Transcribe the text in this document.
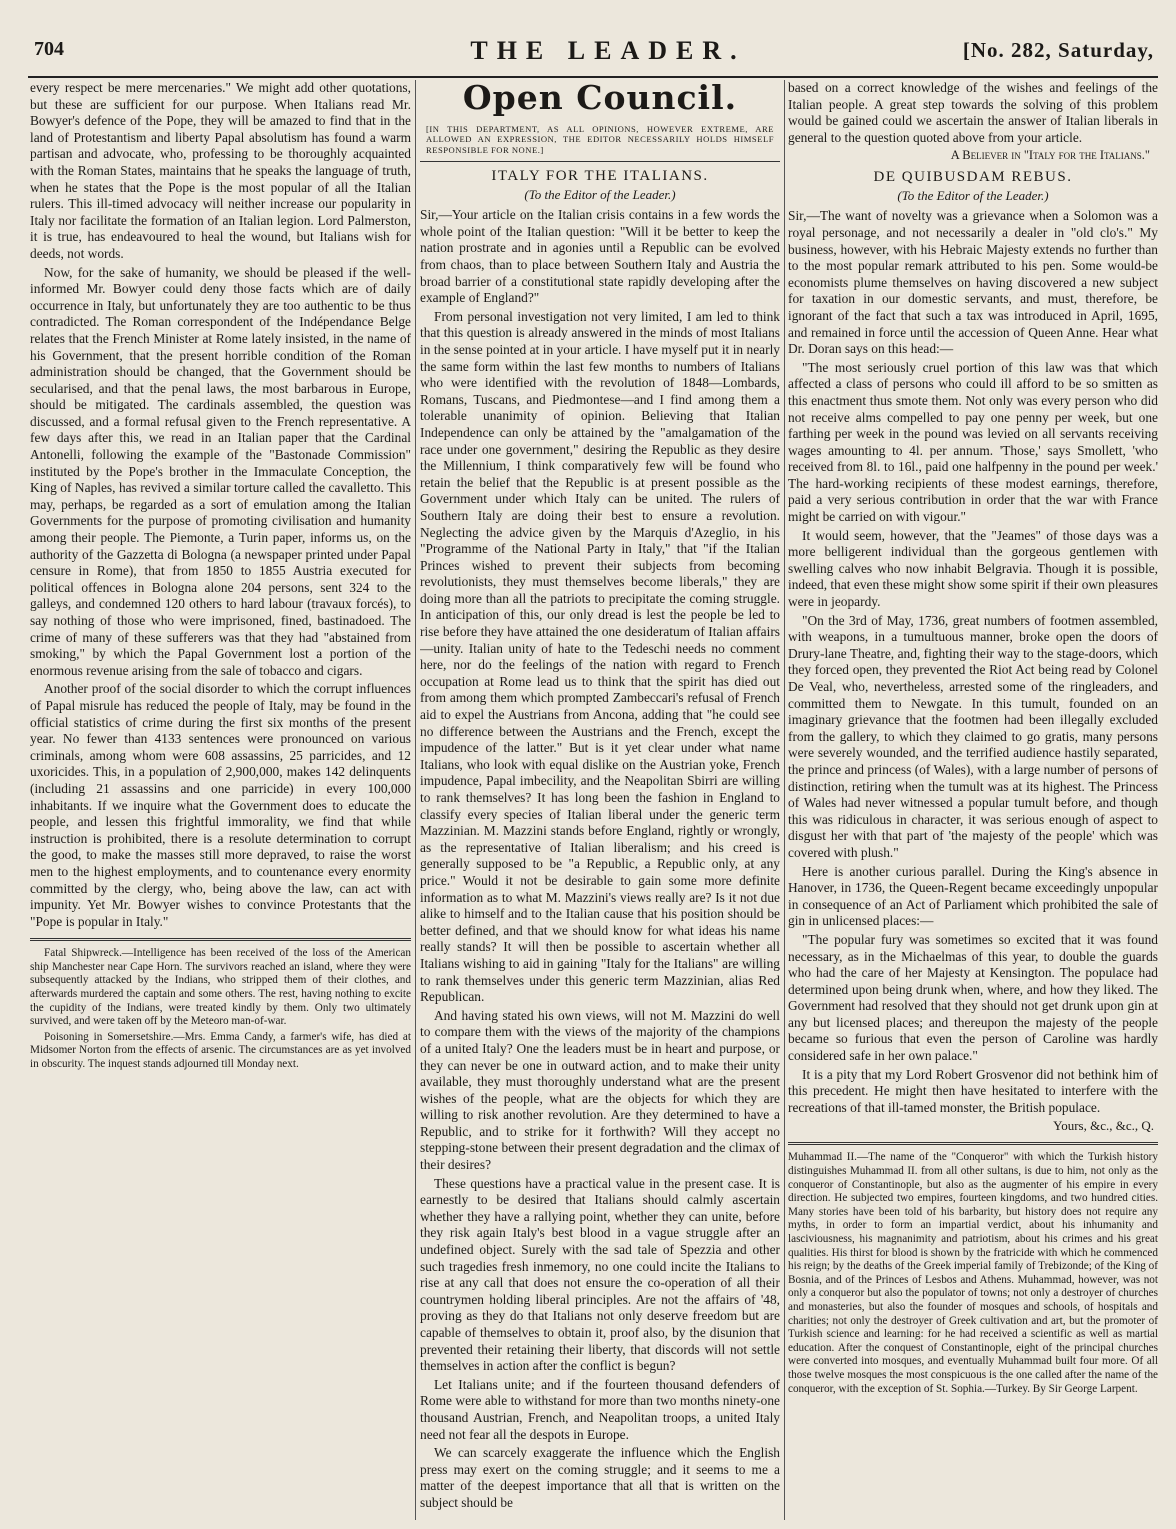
704	THE LEADER.	[No. 282, Saturday,

every respect be mere mercenaries." We might add other quotations, but these are sufficient for our purpose. When Italians read Mr. Bowyer's defence of the Pope, they will be amazed to find that in the land of Protestantism and liberty Papal absolutism has found a warm partisan and advocate, who, professing to be thoroughly acquainted with the Roman States, maintains that he speaks the language of truth, when he states that the Pope is the most popular of all the Italian rulers. This ill-timed advocacy will neither increase our popularity in Italy nor facilitate the formation of an Italian legion. Lord Palmerston, it is true, has endeavoured to heal the wound, but Italians wish for deeds, not words.

Now, for the sake of humanity, we should be pleased if the well-informed Mr. Bowyer could deny those facts which are of daily occurrence in Italy, but unfortunately they are too authentic to be thus contradicted. The Roman correspondent of the Indépendance Belge relates that the French Minister at Rome lately insisted, in the name of his Government, that the present horrible condition of the Roman administration should be changed, that the Government should be secularised, and that the penal laws, the most barbarous in Europe, should be mitigated. The cardinals assembled, the question was discussed, and a formal refusal given to the French representative. A few days after this, we read in an Italian paper that the Cardinal Antonelli, following the example of the "Bastonade Commission" instituted by the Pope's brother in the Immaculate Conception, the King of Naples, has revived a similar torture called the cavalletto. This may, perhaps, be regarded as a sort of emulation among the Italian Governments for the purpose of promoting civilisation and humanity among their people. The Piemonte, a Turin paper, informs us, on the authority of the Gazzetta di Bologna (a newspaper printed under Papal censure in Rome), that from 1850 to 1855 Austria executed for political offences in Bologna alone 204 persons, sent 324 to the galleys, and condemned 120 others to hard labour (travaux forcés), to say nothing of those who were imprisoned, fined, bastinadoed. The crime of many of these sufferers was that they had "abstained from smoking," by which the Papal Government lost a portion of the enormous revenue arising from the sale of tobacco and cigars.

Another proof of the social disorder to which the corrupt influences of Papal misrule has reduced the people of Italy, may be found in the official statistics of crime during the first six months of the present year. No fewer than 4133 sentences were pronounced on various criminals, among whom were 608 assassins, 25 parricides, and 12 uxoricides. This, in a population of 2,900,000, makes 142 delinquents (including 21 assassins and one parricide) in every 100,000 inhabitants. If we inquire what the Government does to educate the people, and lessen this frightful immorality, we find that while instruction is prohibited, there is a resolute determination to corrupt the good, to make the masses still more depraved, to raise the worst men to the highest employments, and to countenance every enormity committed by the clergy, who, being above the law, can act with impunity. Yet Mr. Bowyer wishes to convince Protestants that the "Pope is popular in Italy."

Fatal Shipwreck.—Intelligence has been received of the loss of the American ship Manchester near Cape Horn. The survivors reached an island, where they were subsequently attacked by the Indians, who stripped them of their clothes, and afterwards murdered the captain and some others. The rest, having nothing to excite the cupidity of the Indians, were treated kindly by them. Only two ultimately survived, and were taken off by the Meteoro man-of-war.

Poisoning in Somersetshire.—Mrs. Emma Candy, a farmer's wife, has died at Midsomer Norton from the effects of arsenic. The circumstances are as yet involved in obscurity. The inquest stands adjourned till Monday next.

Open Council.
[IN THIS DEPARTMENT, AS ALL OPINIONS, HOWEVER EXTREME, ARE ALLOWED AN EXPRESSION, THE EDITOR NECESSARILY HOLDS HIMSELF RESPONSIBLE FOR NONE.]
ITALY FOR THE ITALIANS.
(To the Editor of the Leader.)

Sir,—Your article on the Italian crisis contains in a few words the whole point of the Italian question: "Will it be better to keep the nation prostrate and in agonies until a Republic can be evolved from chaos, than to place between Southern Italy and Austria the broad barrier of a constitutional state rapidly developing after the example of England?"

From personal investigation not very limited, I am led to think that this question is already answered in the minds of most Italians in the sense pointed at in your article. I have myself put it in nearly the same form within the last few months to numbers of Italians who were identified with the revolution of 1848—Lombards, Romans, Tuscans, and Piedmontese—and I find among them a tolerable unanimity of opinion. Believing that Italian Independence can only be attained by the "amalgamation of the race under one government," desiring the Republic as they desire the Millennium, I think comparatively few will be found who retain the belief that the Republic is at present possible as the Government under which Italy can be united. The rulers of Southern Italy are doing their best to ensure a revolution. Neglecting the advice given by the Marquis d'Azeglio, in his "Programme of the National Party in Italy," that "if the Italian Princes wished to prevent their subjects from becoming revolutionists, they must themselves become liberals," they are doing more than all the patriots to precipitate the coming struggle. In anticipation of this, our only dread is lest the people be led to rise before they have attained the one desideratum of Italian affairs—unity. Italian unity of hate to the Tedeschi needs no comment here, nor do the feelings of the nation with regard to French occupation at Rome lead us to think that the spirit has died out from among them which prompted Zambeccari's refusal of French aid to expel the Austrians from Ancona, adding that "he could see no difference between the Austrians and the French, except the impudence of the latter." But is it yet clear under what name Italians, who look with equal dislike on the Austrian yoke, French impudence, Papal imbecility, and the Neapolitan Sbirri are willing to rank themselves? It has long been the fashion in England to classify every species of Italian liberal under the generic term Mazzinian. M. Mazzini stands before England, rightly or wrongly, as the representative of Italian liberalism; and his creed is generally supposed to be "a Republic, a Republic only, at any price." Would it not be desirable to gain some more definite information as to what M. Mazzini's views really are? Is it not due alike to himself and to the Italian cause that his position should be better defined, and that we should know for what ideas his name really stands? It will then be possible to ascertain whether all Italians wishing to aid in gaining "Italy for the Italians" are willing to rank themselves under this generic term Mazzinian, alias Red Republican.

And having stated his own views, will not M. Mazzini do well to compare them with the views of the majority of the champions of a united Italy? One the leaders must be in heart and purpose, or they can never be one in outward action, and to make their unity available, they must thoroughly understand what are the present wishes of the people, what are the objects for which they are willing to risk another revolution. Are they determined to have a Republic, and to strike for it forthwith? Will they accept no stepping-stone between their present degradation and the climax of their desires?

These questions have a practical value in the present case. It is earnestly to be desired that Italians should calmly ascertain whether they have a rallying point, whether they can unite, before they risk again Italy's best blood in a vague struggle after an undefined object. Surely with the sad tale of Spezzia and other such tragedies fresh inmemory, no one could incite the Italians to rise at any call that does not ensure the co-operation of all their countrymen holding liberal principles. Are not the affairs of '48, proving as they do that Italians not only deserve freedom but are capable of themselves to obtain it, proof also, by the disunion that prevented their retaining their liberty, that discords will not settle themselves in action after the conflict is begun?

Let Italians unite; and if the fourteen thousand defenders of Rome were able to withstand for more than two months ninety-one thousand Austrian, French, and Neapolitan troops, a united Italy need not fear all the despots in Europe.

We can scarcely exaggerate the influence which the English press may exert on the coming struggle; and it seems to me a matter of the deepest importance that all that is written on the subject should be

based on a correct knowledge of the wishes and feelings of the Italian people. A great step towards the solving of this problem would be gained could we ascertain the answer of Italian liberals in general to the question quoted above from your article.

A Believer in "Italy for the Italians."
DE QUIBUSDAM REBUS.
(To the Editor of the Leader.)

Sir,—The want of novelty was a grievance when a Solomon was a royal personage, and not necessarily a dealer in "old clo's." My business, however, with his Hebraic Majesty extends no further than to the most popular remark attributed to his pen. Some would-be economists plume themselves on having discovered a new subject for taxation in our domestic servants, and must, therefore, be ignorant of the fact that such a tax was introduced in April, 1695, and remained in force until the accession of Queen Anne. Hear what Dr. Doran says on this head:—

"The most seriously cruel portion of this law was that which affected a class of persons who could ill afford to be so smitten as this enactment thus smote them. Not only was every person who did not receive alms compelled to pay one penny per week, but one farthing per week in the pound was levied on all servants receiving wages amounting to 4l. per annum. 'Those,' says Smollett, 'who received from 8l. to 16l., paid one halfpenny in the pound per week.' The hard-working recipients of these modest earnings, therefore, paid a very serious contribution in order that the war with France might be carried on with vigour."

It would seem, however, that the "Jeames" of those days was a more belligerent individual than the gorgeous gentlemen with swelling calves who now inhabit Belgravia. Though it is possible, indeed, that even these might show some spirit if their own pleasures were in jeopardy.

"On the 3rd of May, 1736, great numbers of footmen assembled, with weapons, in a tumultuous manner, broke open the doors of Drury-lane Theatre, and, fighting their way to the stage-doors, which they forced open, they prevented the Riot Act being read by Colonel De Veal, who, nevertheless, arrested some of the ringleaders, and committed them to Newgate. In this tumult, founded on an imaginary grievance that the footmen had been illegally excluded from the gallery, to which they claimed to go gratis, many persons were severely wounded, and the terrified audience hastily separated, the prince and princess (of Wales), with a large number of persons of distinction, retiring when the tumult was at its highest. The Princess of Wales had never witnessed a popular tumult before, and though this was ridiculous in character, it was serious enough of aspect to disgust her with that part of 'the majesty of the people' which was covered with plush."

Here is another curious parallel. During the King's absence in Hanover, in 1736, the Queen-Regent became exceedingly unpopular in consequence of an Act of Parliament which prohibited the sale of gin in unlicensed places:—

"The popular fury was sometimes so excited that it was found necessary, as in the Michaelmas of this year, to double the guards who had the care of her Majesty at Kensington. The populace had determined upon being drunk when, where, and how they liked. The Government had resolved that they should not get drunk upon gin at any but licensed places; and thereupon the majesty of the people became so furious that even the person of Caroline was hardly considered safe in her own palace."

It is a pity that my Lord Robert Grosvenor did not bethink him of this precedent. He might then have hesitated to interfere with the recreations of that ill-tamed monster, the British populace.

Yours, &c., &c., Q.

Muhammad II.—The name of the "Conqueror" with which the Turkish history distinguishes Muhammad II. from all other sultans, is due to him, not only as the conqueror of Constantinople, but also as the augmenter of his empire in every direction. He subjected two empires, fourteen kingdoms, and two hundred cities. Many stories have been told of his barbarity, but history does not require any myths, in order to form an impartial verdict, about his inhumanity and lasciviousness, his magnanimity and patriotism, about his crimes and his great qualities. His thirst for blood is shown by the fratricide with which he commenced his reign; by the deaths of the Greek imperial family of Trebizonde; of the King of Bosnia, and of the Princes of Lesbos and Athens. Muhammad, however, was not only a conqueror but also the populator of towns; not only a destroyer of churches and monasteries, but also the founder of mosques and schools, of hospitals and charities; not only the destroyer of Greek cultivation and art, but the promoter of Turkish science and learning: for he had received a scientific as well as martial education. After the conquest of Constantinople, eight of the principal churches were converted into mosques, and eventually Muhammad built four more. Of all those twelve mosques the most conspicuous is the one called after the name of the conqueror, with the exception of St. Sophia.—Turkey. By Sir George Larpent.
